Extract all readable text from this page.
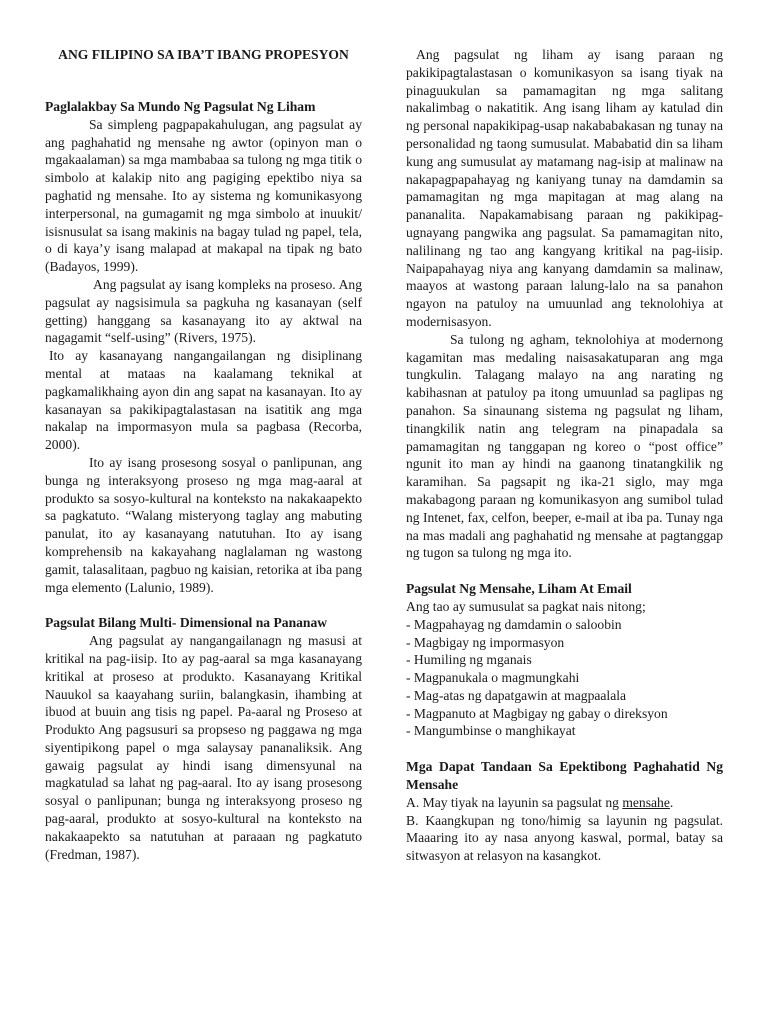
ANG FILIPINO SA IBA’T IBANG PROPESYON

Paglalakbay Sa Mundo Ng Pagsulat Ng Liham

Sa simpleng pagpapakahulugan, ang pagsulat ay ang paghahatid ng mensahe ng awtor (opinyon man o mgakaalaman) sa mga mambabaa sa tulong ng mga titik o simbolo at kalakip nito ang pagiging epektibo niya sa paghatid ng mensahe. Ito ay sistema ng komunikasyong interpersonal, na gumagamit ng mga simbolo at inuukit/ isisnusulat sa isang makinis na bagay tulad ng papel, tela, o di kaya’y isang malapad at makapal na tipak ng bato (Badayos, 1999).

Ang pagsulat ay isang kompleks na proseso. Ang pagsulat ay nagsisimula sa pagkuha ng kasanayan (self getting) hanggang sa kasanayang ito ay aktwal na nagagamit “self-using” (Rivers, 1975).

Ito ay kasanayang nangangailangan ng disiplinang mental at mataas na kaalamang teknikal at pagkamalikhaing ayon din ang sapat na kasanayan. Ito ay kasanayan sa pakikipagtalastasan na isatitik ang mga nakalap na impormasyon mula sa pagbasa (Recorba, 2000).

Ito ay isang prosesong sosyal o panlipunan, ang bunga ng interaksyong proseso ng mga mag-aaral at produkto sa sosyo-kultural na konteksto na nakakaapekto sa pagkatuto. “Walang misteryong taglay ang mabuting panulat, ito ay kasanayang natutuhan. Ito ay isang komprehensib na kakayahang naglalaman ng wastong gamit, talasalitaan, pagbuo ng kaisian, retorika at iba pang mga elemento (Lalunio, 1989).

Pagsulat Bilang Multi- Dimensional na Pananaw

Ang pagsulat ay nangangailanagn ng masusi at kritikal na pag-iisip. Ito ay pag-aaral sa mga kasanayang kritikal at proseso at produkto. Kasanayang Kritikal Nauukol sa kaayahang suriin, balangkasin, ihambing at ibuod at buuin ang tisis ng papel. Pa-aaral ng Proseso at Produkto Ang pagsusuri sa propseso ng paggawa ng mga siyentipikong papel o mga salaysay pananaliksik. Ang gawaig pagsulat ay hindi isang dimensyunal na magkatulad sa lahat ng pag-aaral. Ito ay isang prosesong sosyal o panlipunan; bunga ng interaksyong proseso ng pag-aaral, produkto at sosyo-kultural na konteksto na nakakaapekto sa natutuhan at paraaan ng pagkatuto (Fredman, 1987).

Ang pagsulat ng liham ay isang paraan ng pakikipagtalastasan o komunikasyon sa isang tiyak na pinaguukulan sa pamamagitan ng mga salitang nakalimbag o nakatitik. Ang isang liham ay katulad din ng personal napakikipag-usap nakababakasan ng tunay na personalidad ng taong sumusulat. Mababatid din sa liham kung ang sumusulat ay matamang nag-isip at malinaw na nakapagpapahayag ng kaniyang tunay na damdamin sa pamamagitan ng mga mapitagan at mag alang na pananalita. Napakamabisang paraan ng pakikipag-ugnayang pangwika ang pagsulat. Sa pamamagitan nito, nalilinang ng tao ang kangyang kritikal na pag-iisip. Naipapahayag niya ang kanyang damdamin sa malinaw, maayos at wastong paraan lalung-lalo na sa panahon ngayon na patuloy na umuunlad ang teknolohiya at modernisasyon.

Sa tulong ng agham, teknolohiya at modernong kagamitan mas medaling naisasakatuparan ang mga tungkulin. Talagang malayo na ang narating ng kabihasnan at patuloy pa itong umuunlad sa paglipas ng panahon. Sa sinaunang sistema ng pagsulat ng liham, tinangkilik natin ang telegram na pinapadala sa pamamagitan ng tanggapan ng koreo o “post office” ngunit ito man ay hindi na gaanong tinatangkilik ng karamihan. Sa pagsapit ng ika-21 siglo, may mga makabagong paraan ng komunikasyon ang sumibol tulad ng Intenet, fax, celfon, beeper, e-mail at iba pa. Tunay nga na mas madali ang paghahatid ng mensahe at pagtanggap ng tugon sa tulong ng mga ito.

Pagsulat Ng Mensahe, Liham At Email

Ang tao ay sumusulat sa pagkat nais nitong;

- Magpahayag ng damdamin o saloobin

- Magbigay ng impormasyon

- Humiling ng mganais

- Magpanukala o magmungkahi

- Mag-atas ng dapatgawin at magpaalala

- Magpanuto at Magbigay ng gabay o direksyon

- Mangumbinse o manghikayat

Mga Dapat Tandaan Sa Epektibong Paghahatid Ng Mensahe

A. May tiyak na layunin sa pagsulat ng mensahe.

B. Kaangkupan ng tono/himig sa layunin ng pagsulat. Maaaring ito ay nasa anyong kaswal, pormal, batay sa sitwasyon at relasyon na kasangkot.
